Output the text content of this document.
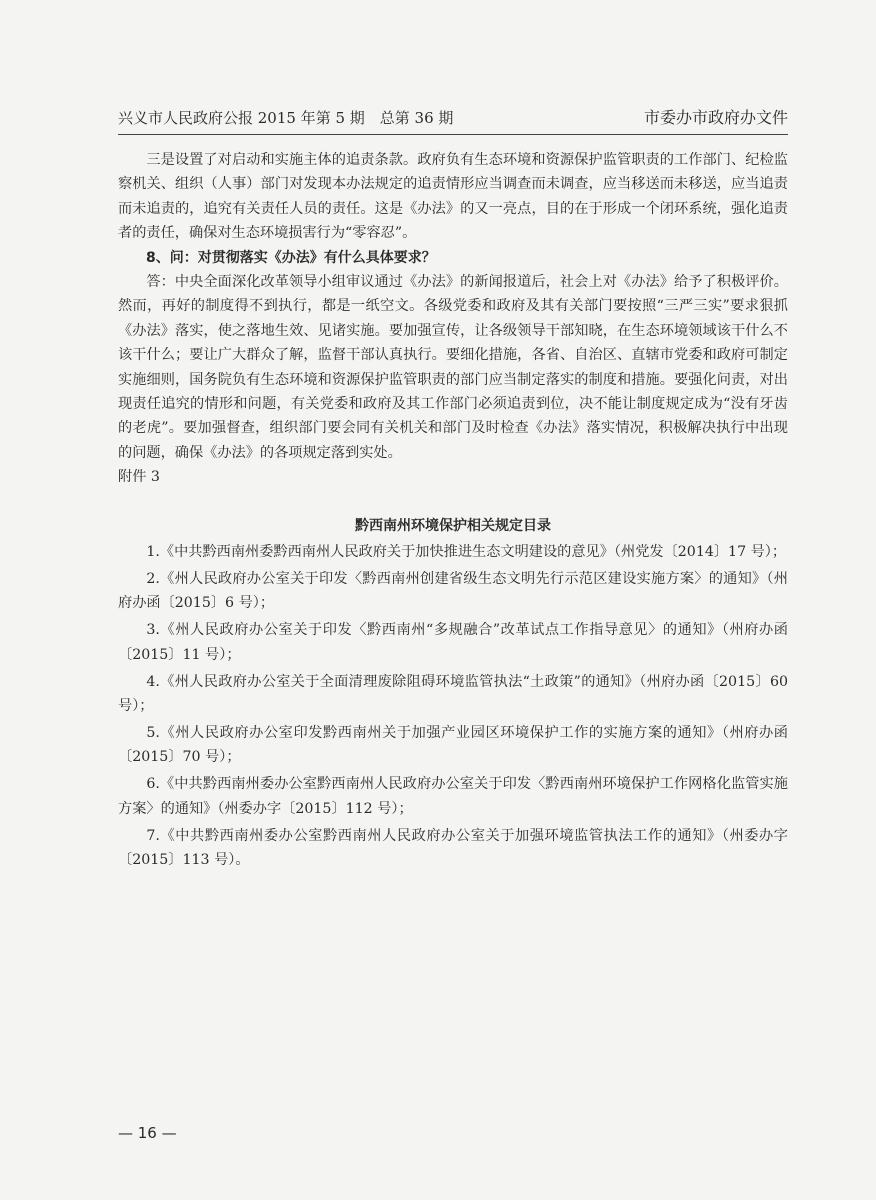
兴义市人民政府公报 2015 年第 5 期　总第 36 期	市委办市政府办文件

三是设置了对启动和实施主体的追责条款。政府负有生态环境和资源保护监管职责的工作部门、纪检监察机关、组织（人事）部门对发现本办法规定的追责情形应当调查而未调查，应当移送而未移送，应当追责而未追责的，追究有关责任人员的责任。这是《办法》的又一亮点，目的在于形成一个闭环系统，强化追责者的责任，确保对生态环境损害行为“零容忍”。

8、问：对贯彻落实《办法》有什么具体要求？

答：中央全面深化改革领导小组审议通过《办法》的新闻报道后，社会上对《办法》给予了积极评价。然而，再好的制度得不到执行，都是一纸空文。各级党委和政府及其有关部门要按照“三严三实”要求狠抓《办法》落实，使之落地生效、见诸实施。要加强宣传，让各级领导干部知晓，在生态环境领域该干什么不该干什么；要让广大群众了解，监督干部认真执行。要细化措施，各省、自治区、直辖市党委和政府可制定实施细则，国务院负有生态环境和资源保护监管职责的部门应当制定落实的制度和措施。要强化问责，对出现责任追究的情形和问题，有关党委和政府及其工作部门必须追责到位，决不能让制度规定成为“没有牙齿的老虎”。要加强督查，组织部门要会同有关机关和部门及时检查《办法》落实情况，积极解决执行中出现的问题，确保《办法》的各项规定落到实处。

附件 3

黔西南州环境保护相关规定目录
1.《中共黔西南州委黔西南州人民政府关于加快推进生态文明建设的意见》（州党发〔2014〕17 号）；
2.《州人民政府办公室关于印发〈黔西南州创建省级生态文明先行示范区建设实施方案〉的通知》（州府办函〔2015〕6 号）；
3.《州人民政府办公室关于印发〈黔西南州“多规融合”改革试点工作指导意见〉的通知》（州府办函〔2015〕11 号）；
4.《州人民政府办公室关于全面清理废除阻碍环境监管执法“土政策”的通知》（州府办函〔2015〕60 号）；
5.《州人民政府办公室印发黔西南州关于加强产业园区环境保护工作的实施方案的通知》（州府办函〔2015〕70 号）；
6.《中共黔西南州委办公室黔西南州人民政府办公室关于印发〈黔西南州环境保护工作网格化监管实施方案〉的通知》（州委办字〔2015〕112 号）；
7.《中共黔西南州委办公室黔西南州人民政府办公室关于加强环境监管执法工作的通知》（州委办字〔2015〕113 号）。
— 16 —
